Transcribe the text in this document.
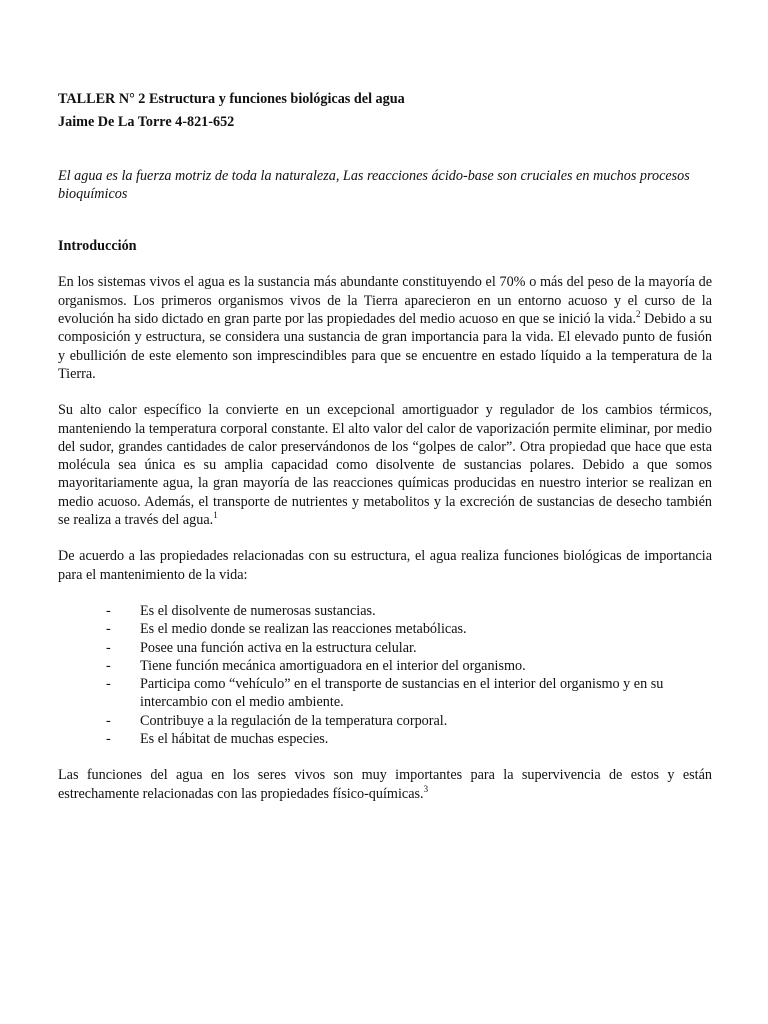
TALLER N° 2 Estructura y funciones biológicas del agua

Jaime De La Torre 4-821-652

El agua es la fuerza motriz de toda la naturaleza, Las reacciones ácido-base son cruciales en muchos procesos bioquímicos

Introducción

En los sistemas vivos el agua es la sustancia más abundante constituyendo el 70% o más del peso de la mayoría de organismos. Los primeros organismos vivos de la Tierra aparecieron en un entorno acuoso y el curso de la evolución ha sido dictado en gran parte por las propiedades del medio acuoso en que se inició la vida.$^2$ Debido a su composición y estructura, se considera una sustancia de gran importancia para la vida. El elevado punto de fusión y ebullición de este elemento son imprescindibles para que se encuentre en estado líquido a la temperatura de la Tierra.

Su alto calor específico la convierte en un excepcional amortiguador y regulador de los cambios térmicos, manteniendo la temperatura corporal constante. El alto valor del calor de vaporización permite eliminar, por medio del sudor, grandes cantidades de calor preservándonos de los “golpes de calor”. Otra propiedad que hace que esta molécula sea única es su amplia capacidad como disolvente de sustancias polares. Debido a que somos mayoritariamente agua, la gran mayoría de las reacciones químicas producidas en nuestro interior se realizan en medio acuoso. Además, el transporte de nutrientes y metabolitos y la excreción de sustancias de desecho también se realiza a través del agua.$^1$

De acuerdo a las propiedades relacionadas con su estructura, el agua realiza funciones biológicas de importancia para el mantenimiento de la vida:

- Es el disolvente de numerosas sustancias.
- Es el medio donde se realizan las reacciones metabólicas.
- Posee una función activa en la estructura celular.
- Tiene función mecánica amortiguadora en el interior del organismo.
- Participa como “vehículo” en el transporte de sustancias en el interior del organismo y en su intercambio con el medio ambiente.
- Contribuye a la regulación de la temperatura corporal.
- Es el hábitat de muchas especies.

Las funciones del agua en los seres vivos son muy importantes para la supervivencia de estos y están estrechamente relacionadas con las propiedades físico-químicas.$^3$
